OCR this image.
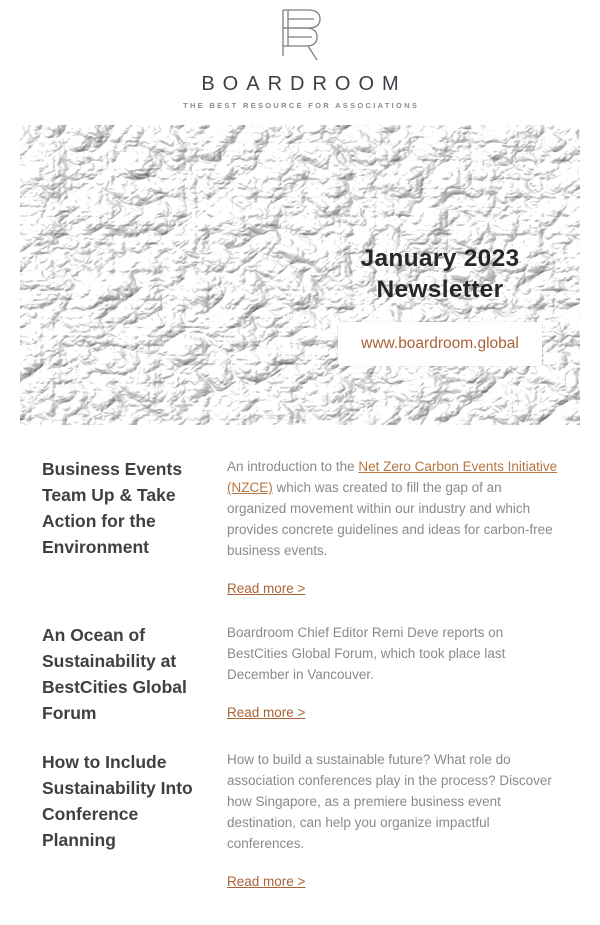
BOARDROOM
THE BEST RESOURCE FOR ASSOCIATIONS
January 2023
Newsletter
www.boardroom.global
Business Events Team Up & Take Action for the Environment
An introduction to the Net Zero Carbon Events Initiative (NZCE) which was created to fill the gap of an organized movement within our industry and which provides concrete guidelines and ideas for carbon-free business events.
Read more >
An Ocean of Sustainability at BestCities Global Forum
Boardroom Chief Editor Remi Deve reports on BestCities Global Forum, which took place last December in Vancouver.
Read more >
How to Include Sustainability Into Conference Planning
How to build a sustainable future? What role do association conferences play in the process? Discover how Singapore, as a premiere business event destination, can help you organize impactful conferences.
Read more >
